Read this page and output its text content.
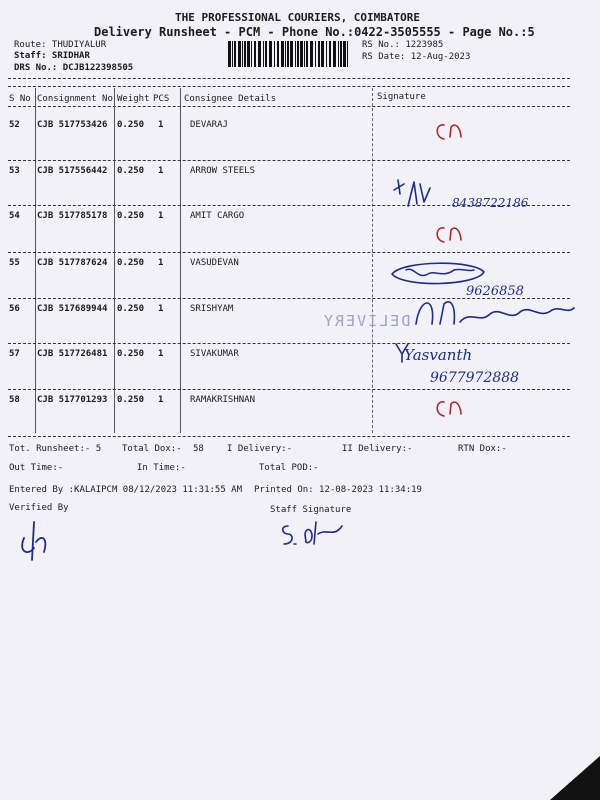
THE PROFESSIONAL COURIERS, COIMBATORE
Delivery Runsheet - PCM - Phone No.:0422-3505555 - Page No.:5
Route: THUDIYALUR
Staff: SRIDHAR
DRS No.: DCJB122398505
RS No.: 1223985
RS Date: 12-Aug-2023
S No Consignment No Weight PCS Consignee Details	Signature
52 CJB 517753426 0.250 1	DEVARAJ
53 CJB 517556442 0.250 1	ARROW STEELS
54 CJB 517785178 0.250 1	AMIT CARGO
55 CJB 517787624 0.250 1	VASUDEVAN
56 CJB 517689944 0.250 1	SRISHYAM
57 CJB 517726481 0.250 1	SIVAKUMAR
58 CJB 517701293 0.250 1	RAMAKRISHNAN
Tot. Runsheet:- 5 Total Dox:- 58	I Delivery:-	II Delivery:-	RTN Dox:-
Out Time:-	In Time:-	Total POD:-
Entered By :KALAIPCM 08/12/2023 11:31:55 AM Printed On: 12-08-2023 11:34:19
Verified By	Staff Signature
8438722186
9626858
DELIVERY
Yasvanth
9677972888
